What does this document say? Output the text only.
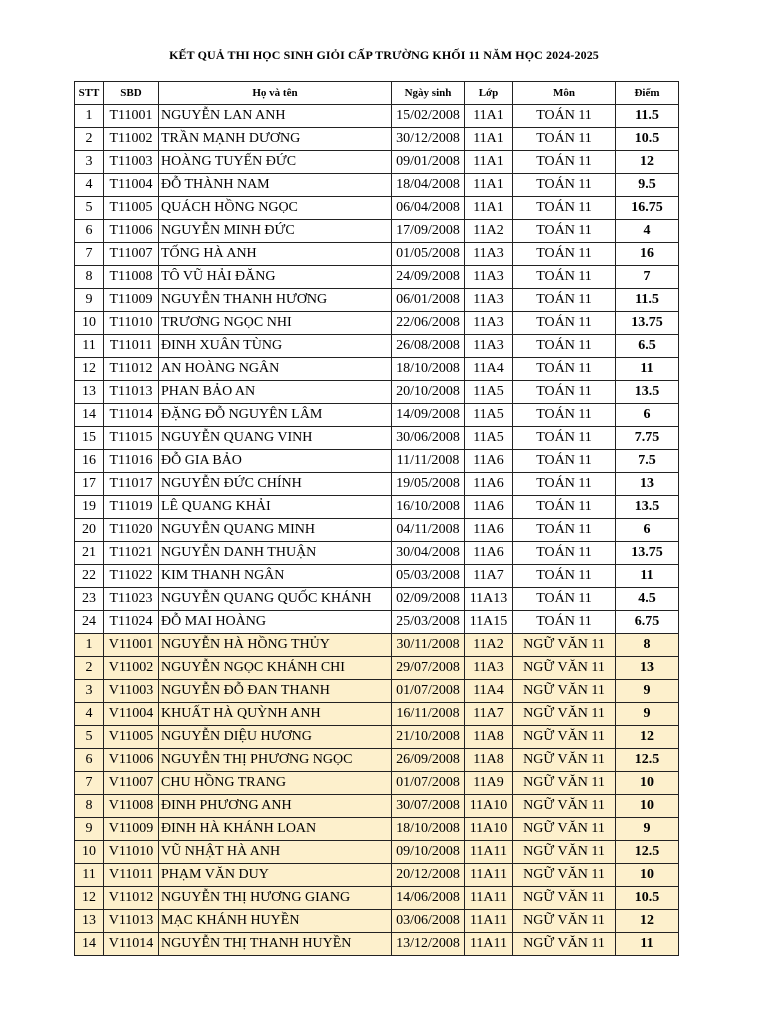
KẾT QUẢ THI HỌC SINH GIỎI CẤP TRƯỜNG KHỐI 11 NĂM HỌC 2024-2025
STT	SBD	Họ và tên	Ngày sinh	Lớp	Môn	Điểm
1	T11001	NGUYỄN LAN ANH	15/02/2008	11A1	TOÁN 11	11.5
2	T11002	TRẦN MẠNH DƯƠNG	30/12/2008	11A1	TOÁN 11	10.5
3	T11003	HOÀNG TUYẾN ĐỨC	09/01/2008	11A1	TOÁN 11	12
4	T11004	ĐỖ THÀNH NAM	18/04/2008	11A1	TOÁN 11	9.5
5	T11005	QUÁCH HỒNG NGỌC	06/04/2008	11A1	TOÁN 11	16.75
6	T11006	NGUYỄN MINH ĐỨC	17/09/2008	11A2	TOÁN 11	4
7	T11007	TỐNG HÀ ANH	01/05/2008	11A3	TOÁN 11	16
8	T11008	TÔ VŨ HẢI ĐĂNG	24/09/2008	11A3	TOÁN 11	7
9	T11009	NGUYỄN THANH HƯƠNG	06/01/2008	11A3	TOÁN 11	11.5
10	T11010	TRƯƠNG NGỌC NHI	22/06/2008	11A3	TOÁN 11	13.75
11	T11011	ĐINH XUÂN TÙNG	26/08/2008	11A3	TOÁN 11	6.5
12	T11012	AN HOÀNG NGÂN	18/10/2008	11A4	TOÁN 11	11
13	T11013	PHAN BẢO AN	20/10/2008	11A5	TOÁN 11	13.5
14	T11014	ĐẶNG ĐỖ NGUYÊN LÂM	14/09/2008	11A5	TOÁN 11	6
15	T11015	NGUYỄN QUANG VINH	30/06/2008	11A5	TOÁN 11	7.75
16	T11016	ĐỖ GIA BẢO	11/11/2008	11A6	TOÁN 11	7.5
17	T11017	NGUYỄN ĐỨC CHÍNH	19/05/2008	11A6	TOÁN 11	13
19	T11019	LÊ QUANG KHẢI	16/10/2008	11A6	TOÁN 11	13.5
20	T11020	NGUYỄN QUANG MINH	04/11/2008	11A6	TOÁN 11	6
21	T11021	NGUYỄN DANH THUẬN	30/04/2008	11A6	TOÁN 11	13.75
22	T11022	KIM THANH NGÂN	05/03/2008	11A7	TOÁN 11	11
23	T11023	NGUYỄN QUANG QUỐC KHÁNH	02/09/2008	11A13	TOÁN 11	4.5
24	T11024	ĐỖ MAI HOÀNG	25/03/2008	11A15	TOÁN 11	6.75
1	V11001	NGUYỄN HÀ HỒNG THỦY	30/11/2008	11A2	NGỮ VĂN 11	8
2	V11002	NGUYỄN NGỌC KHÁNH CHI	29/07/2008	11A3	NGỮ VĂN 11	13
3	V11003	NGUYỄN ĐỖ ĐAN THANH	01/07/2008	11A4	NGỮ VĂN 11	9
4	V11004	KHUẤT HÀ QUỲNH ANH	16/11/2008	11A7	NGỮ VĂN 11	9
5	V11005	NGUYỄN DIỆU HƯƠNG	21/10/2008	11A8	NGỮ VĂN 11	12
6	V11006	NGUYỄN THỊ PHƯƠNG NGỌC	26/09/2008	11A8	NGỮ VĂN 11	12.5
7	V11007	CHU HỒNG TRANG	01/07/2008	11A9	NGỮ VĂN 11	10
8	V11008	ĐINH PHƯƠNG ANH	30/07/2008	11A10	NGỮ VĂN 11	10
9	V11009	ĐINH HÀ KHÁNH LOAN	18/10/2008	11A10	NGỮ VĂN 11	9
10	V11010	VŨ NHẬT HÀ ANH	09/10/2008	11A11	NGỮ VĂN 11	12.5
11	V11011	PHẠM VĂN DUY	20/12/2008	11A11	NGỮ VĂN 11	10
12	V11012	NGUYỄN THỊ HƯƠNG GIANG	14/06/2008	11A11	NGỮ VĂN 11	10.5
13	V11013	MẠC KHÁNH HUYỀN	03/06/2008	11A11	NGỮ VĂN 11	12
14	V11014	NGUYỄN THỊ THANH HUYỀN	13/12/2008	11A11	NGỮ VĂN 11	11
